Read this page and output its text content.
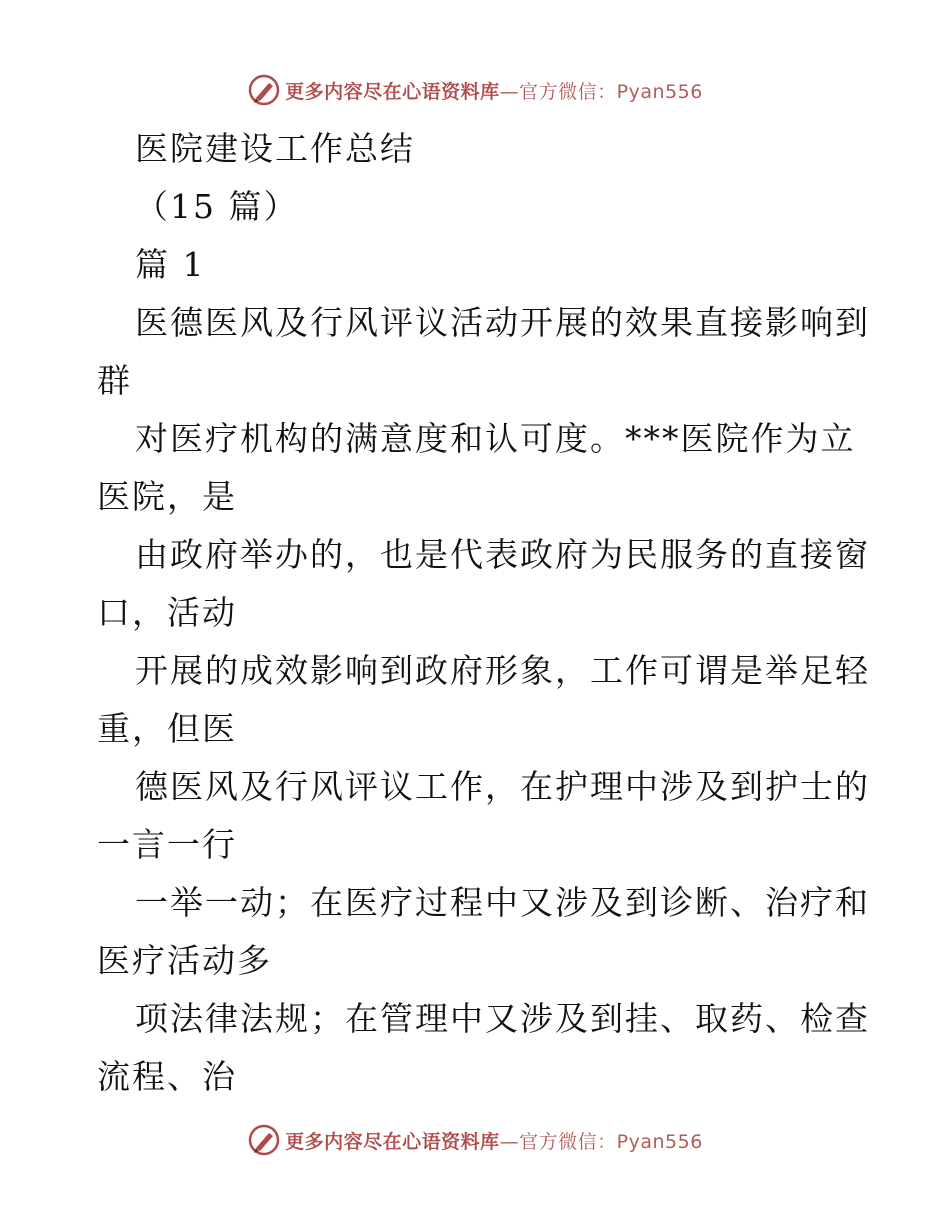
更多内容尽在心语资料库—官方微信：Pyan556
医院建设工作总结
（15 篇）
篇 1
医德医风及行风评议活动开展的效果直接影响到
群
对医疗机构的满意度和认可度。***医院作为立
医院，是
由政府举办的，也是代表政府为民服务的直接窗
口，活动
开展的成效影响到政府形象，工作可谓是举足轻
重，但医
德医风及行风评议工作，在护理中涉及到护士的
一言一行
一举一动；在医疗过程中又涉及到诊断、治疗和
医疗活动多
项法律法规；在管理中又涉及到挂、取药、检查
流程、治
更多内容尽在心语资料库—官方微信：Pyan556
